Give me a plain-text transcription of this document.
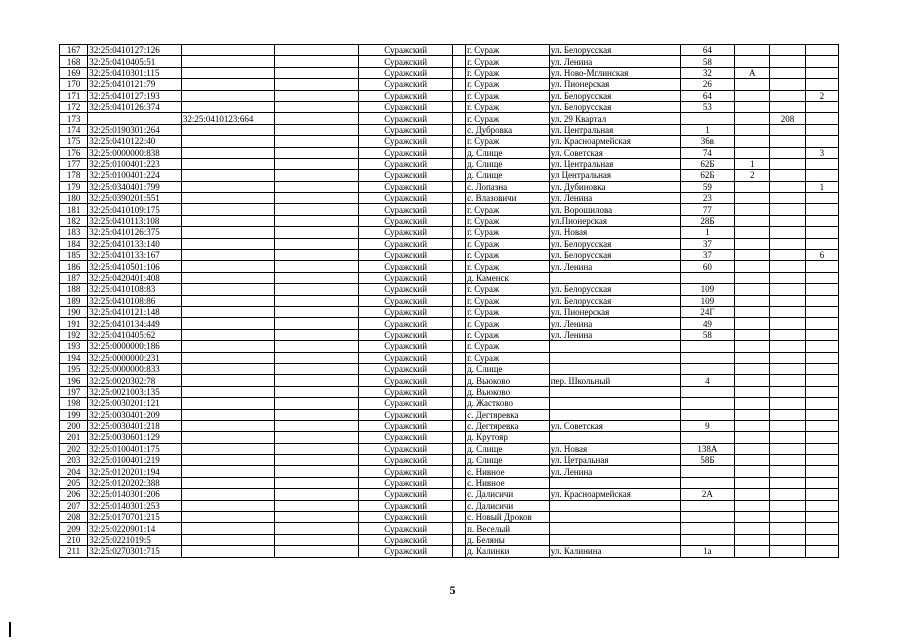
167	32:25:0410127:126			Суражский		г. Сураж	ул. Белорусская	64			
168	32:25:0410405:51			Суражский		г. Сураж	ул. Ленина	58			
169	32:25:0410301:115			Суражский		г. Сураж	ул. Ново-Мглинская	32	А		
170	32:25:0410121:79			Суражский		г. Сураж	ул. Пионерская	26			
171	32:25:0410127:193			Суражский		г. Сураж	ул. Белорусская	64			2
172	32:25:0410126:374			Суражский		г. Сураж	ул. Белорусская	53			
173		32:25:0410123:664		Суражский		г. Сураж	ул. 29 Квартал			208	
174	32:25:0190301:264			Суражский		с. Дубровка	ул. Центральная	1			
175	32:25:0410122:40			Суражский		г. Сураж	ул. Красноармейская	36в			
176	32:25:0000000:838			Суражский		д. Слище	ул. Советская	74			3
177	32:25:0100401:223			Суражский		д. Слище	ул. Центральная	62Б	1		
178	32:25:0100401:224			Суражский		д. Слище	ул Центральная	62Б	2		
179	32:25:0340401:799			Суражский		с. Лопазна	ул. Дубиновка	59			1
180	32:25:0390201:551			Суражский		с. Влазовичи	ул. Ленина	23			
181	32:25:0410109:175			Суражский		г. Сураж	ул. Ворошилова	77			
182	32:25:0410113:108			Суражский		г. Сураж	ул.Пионерская	28Б			
183	32:25:0410126:375			Суражский		г. Сураж	ул. Новая	1			
184	32:25:0410133:140			Суражский		г. Сураж	ул. Белорусская	37			
185	32:25:0410133:167			Суражский		г. Сураж	ул. Белорусская	37			6
186	32:25:0410501:106			Суражский		г. Сураж	ул. Ленина	60			
187	32:25:0420401:408			Суражский		д. Каменск					
188	32:25:0410108:83			Суражский		г. Сураж	ул. Белорусская	109			
189	32:25:0410108:86			Суражский		г. Сураж	ул. Белорусская	109			
190	32:25:0410121:148			Суражский		г. Сураж	ул. Пионерская	24Г			
191	32:25:0410134:449			Суражский		г. Сураж	ул. Ленина	49			
192	32:25:0410405:62			Суражский		г. Сураж	ул. Ленина	58			
193	32:25:0000000:186			Суражский		г. Сураж					
194	32:25:0000000:231			Суражский		г. Сураж					
195	32:25:0000000:833			Суражский		д. Слище					
196	32:25:0020302:78			Суражский		д. Вьюково	пер. Школьный	4			
197	32:25:0021003:135			Суражский		д. Вьюково					
198	32:25:0030201:121			Суражский		д. Жастково					
199	32:25:0030401:209			Суражский		с. Дегтяревка					
200	32:25:0030401:218			Суражский		с. Дегтяревка	ул. Советская	9			
201	32:25:0030601:129			Суражский		д. Крутояр					
202	32:25:0100401:175			Суражский		д. Слище	ул. Новая	138А			
203	32:25:0100401:219			Суражский		д. Слище	ул. Цетральная	58Б			
204	32:25:0120201:194			Суражский		с. Нивное	ул. Ленина				
205	32:25:0120202:388			Суражский		с. Нивное					
206	32:25:0140301:206			Суражский		с. Далисичи	ул. Красноармейская	2А			
207	32:25:0140301:253			Суражский		с. Далисичи					
208	32:25:0170701:215			Суражский		с. Новый Дроков					
209	32:25:0220901:14			Суражский		п. Веселый					
210	32:25:0221019:5			Суражский		д. Беляны					
211	32:25:0270301:715			Суражский		д. Калинки	ул. Калинина	1а			
5
